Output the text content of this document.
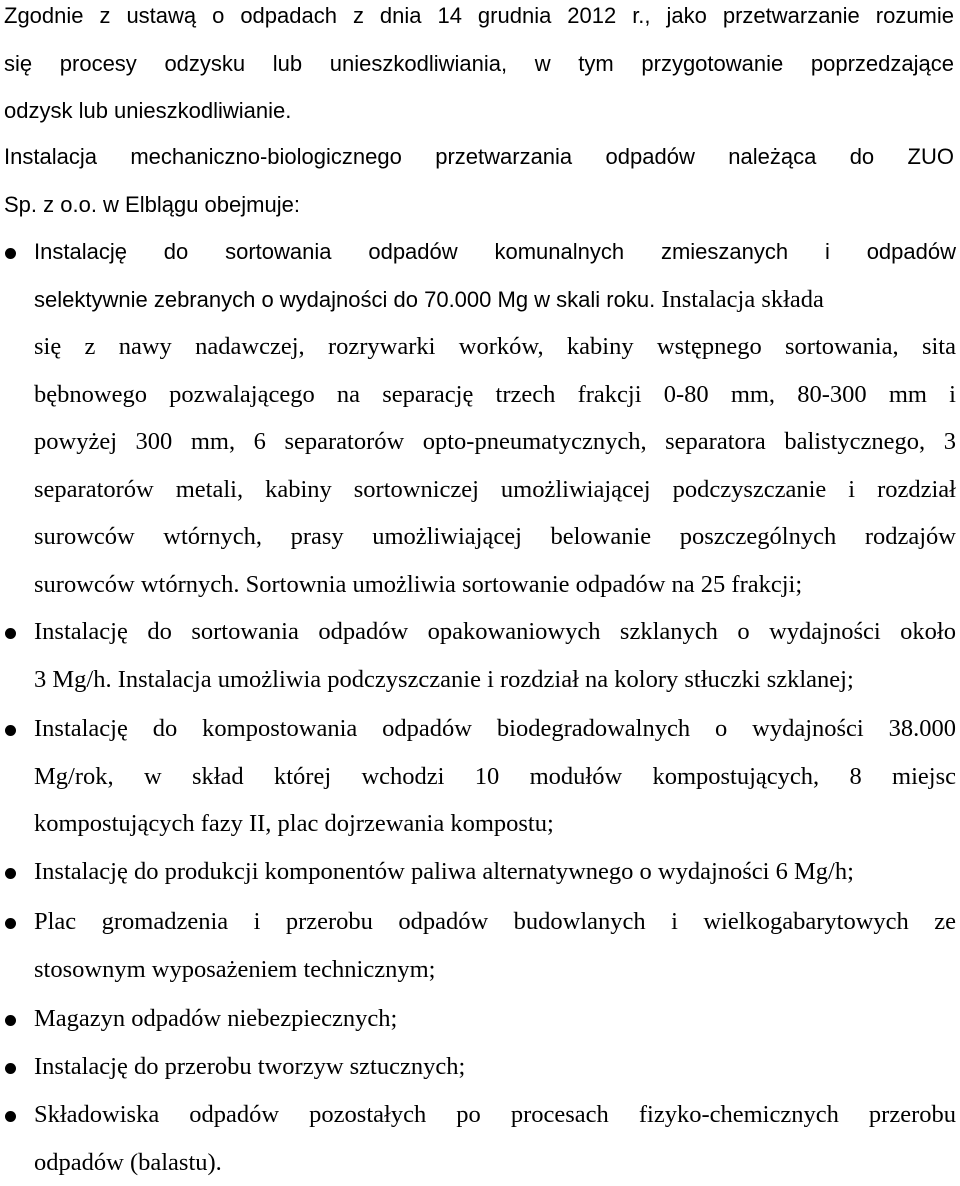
Zgodnie z ustawą o odpadach z dnia 14 grudnia 2012 r., jako przetwarzanie rozumie
się procesy odzysku lub unieszkodliwiania, w tym przygotowanie poprzedzające
odzysk lub unieszkodliwianie.
Instalacja mechaniczno-biologicznego przetwarzania odpadów należąca do ZUO
Sp. z o.o. w Elblągu obejmuje:
Instalację do sortowania odpadów komunalnych zmieszanych i odpadów
selektywnie zebranych o wydajności do 70.000 Mg w skali roku. Instalacja składa
się z nawy nadawczej, rozrywarki worków, kabiny wstępnego sortowania, sita
bębnowego pozwalającego na separację trzech frakcji 0-80 mm, 80-300 mm i
powyżej 300 mm, 6 separatorów opto-pneumatycznych, separatora balistycznego, 3
separatorów metali, kabiny sortowniczej umożliwiającej podczyszczanie i rozdział
surowców wtórnych, prasy umożliwiającej belowanie poszczególnych rodzajów
surowców wtórnych. Sortownia umożliwia sortowanie odpadów na 25 frakcji;
Instalację do sortowania odpadów opakowaniowych szklanych o wydajności około
3 Mg/h. Instalacja umożliwia podczyszczanie i rozdział na kolory stłuczki szklanej;
Instalację do kompostowania odpadów biodegradowalnych o wydajności 38.000
Mg/rok, w skład której wchodzi 10 modułów kompostujących, 8 miejsc
kompostujących fazy II, plac dojrzewania kompostu;
Instalację do produkcji komponentów paliwa alternatywnego o wydajności 6 Mg/h;
Plac gromadzenia i przerobu odpadów budowlanych i wielkogabarytowych ze
stosownym wyposażeniem technicznym;
Magazyn odpadów niebezpiecznych;
Instalację do przerobu tworzyw sztucznych;
Składowiska odpadów pozostałych po procesach fizyko-chemicznych przerobu
odpadów (balastu).
